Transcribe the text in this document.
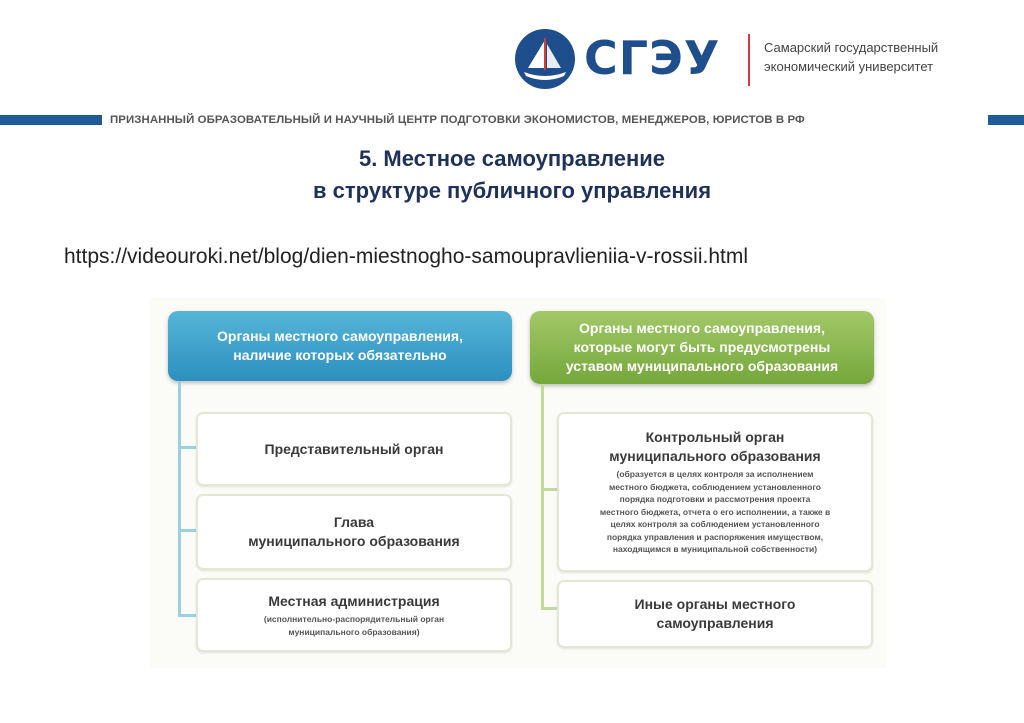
СГЭУ	Самарский государственный
экономический университет
ПРИЗНАННЫЙ ОБРАЗОВАТЕЛЬНЫЙ И НАУЧНЫЙ ЦЕНТР ПОДГОТОВКИ ЭКОНОМИСТОВ, МЕНЕДЖЕРОВ, ЮРИСТОВ В РФ
5. Местное самоуправление
в структуре публичного управления
https://videouroki.net/blog/dien-miestnogho-samoupravlieniia-v-rossii.html
Органы местного самоуправления,
наличие которых обязательно
Органы местного самоуправления,
которые могут быть предусмотрены
уставом муниципального образования
Представительный орган
Глава
муниципального образования
Местная администрация
(исполнительно-распорядительный орган
муниципального образования)
Контрольный орган
муниципального образования
(образуется в целях контроля за исполнением
местного бюджета, соблюдением установленного
порядка подготовки и рассмотрения проекта
местного бюджета, отчета о его исполнении, а также в
целях контроля за соблюдением установленного
порядка управления и распоряжения имуществом,
находящимся в муниципальной собственности)
Иные органы местного
самоуправления
